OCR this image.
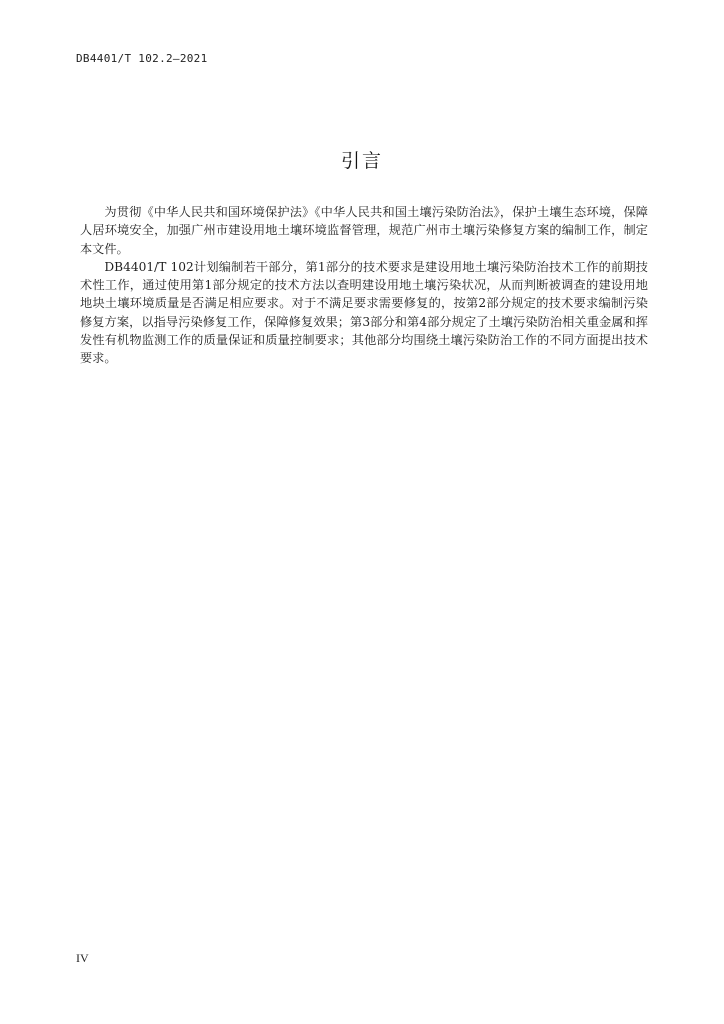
DB4401/T 102.2—2021
引言

为贯彻《中华人民共和国环境保护法》《中华人民共和国土壤污染防治法》，保护土壤生态环境，保障人居环境安全，加强广州市建设用地土壤环境监督管理，规范广州市土壤污染修复方案的编制工作，制定本文件。

DB4401/T 102计划编制若干部分，第1部分的技术要求是建设用地土壤污染防治技术工作的前期技术性工作，通过使用第1部分规定的技术方法以查明建设用地土壤污染状况，从而判断被调查的建设用地地块土壤环境质量是否满足相应要求。对于不满足要求需要修复的，按第2部分规定的技术要求编制污染修复方案，以指导污染修复工作，保障修复效果；第3部分和第4部分规定了土壤污染防治相关重金属和挥发性有机物监测工作的质量保证和质量控制要求；其他部分均围绕土壤污染防治工作的不同方面提出技术要求。

IV
